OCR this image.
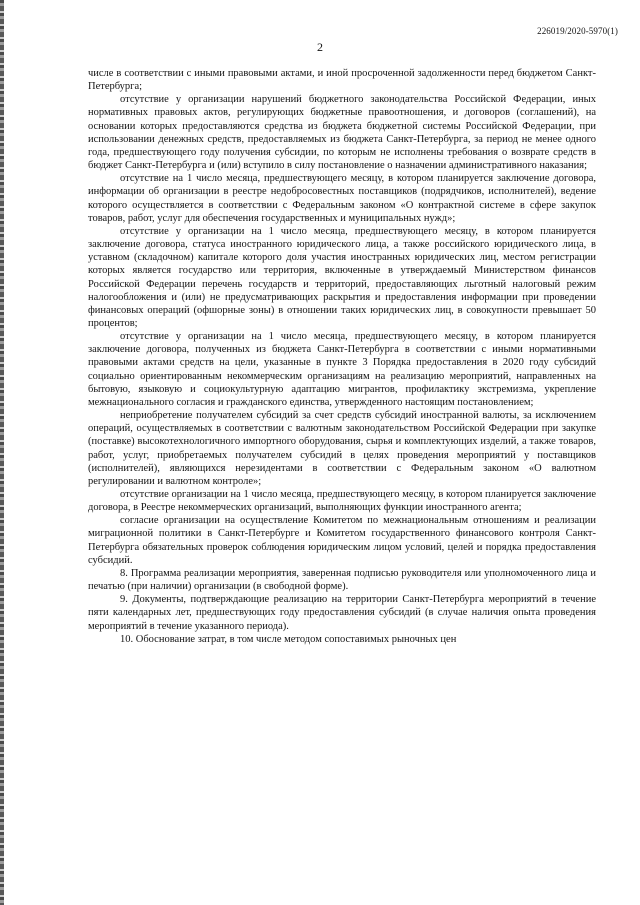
226019/2020-5970(1)
2

числе в соответствии с иными правовыми актами, и иной просроченной задолженности перед бюджетом Санкт-Петербурга;

отсутствие у организации нарушений бюджетного законодательства Российской Федерации, иных нормативных правовых актов, регулирующих бюджетные правоотношения, и договоров (соглашений), на основании которых предоставляются средства из бюджета бюджетной системы Российской Федерации, при использовании денежных средств, предоставляемых из бюджета Санкт-Петербурга, за период не менее одного года, предшествующего году получения субсидии, по которым не исполнены требования о возврате средств в бюджет Санкт-Петербурга и (или) вступило в силу постановление о назначении административного наказания;

отсутствие на 1 число месяца, предшествующего месяцу, в котором планируется заключение договора, информации об организации в реестре недобросовестных поставщиков (подрядчиков, исполнителей), ведение которого осуществляется в соответствии с Федеральным законом «О контрактной системе в сфере закупок товаров, работ, услуг для обеспечения государственных и муниципальных нужд»;

отсутствие у организации на 1 число месяца, предшествующего месяцу, в котором планируется заключение договора, статуса иностранного юридического лица, а также российского юридического лица, в уставном (складочном) капитале которого доля участия иностранных юридических лиц, местом регистрации которых является государство или территория, включенные в утверждаемый Министерством финансов Российской Федерации перечень государств и территорий, предоставляющих льготный налоговый режим налогообложения и (или) не предусматривающих раскрытия и предоставления информации при проведении финансовых операций (офшорные зоны) в отношении таких юридических лиц, в совокупности превышает 50 процентов;

отсутствие у организации на 1 число месяца, предшествующего месяцу, в котором планируется заключение договора, полученных из бюджета Санкт-Петербурга в соответствии с иными нормативными правовыми актами средств на цели, указанные в пункте 3 Порядка предоставления в 2020 году субсидий социально ориентированным некоммерческим организациям на реализацию мероприятий, направленных на бытовую, языковую и социокультурную адаптацию мигрантов, профилактику экстремизма, укрепление межнационального согласия и гражданского единства, утвержденного настоящим постановлением;

неприобретение получателем субсидий за счет средств субсидий иностранной валюты, за исключением операций, осуществляемых в соответствии с валютным законодательством Российской Федерации при закупке (поставке) высокотехнологичного импортного оборудования, сырья и комплектующих изделий, а также товаров, работ, услуг, приобретаемых получателем субсидий в целях проведения мероприятий у поставщиков (исполнителей), являющихся нерезидентами в соответствии с Федеральным законом «О валютном регулировании и валютном контроле»;

отсутствие организации на 1 число месяца, предшествующего месяцу, в котором планируется заключение договора, в Реестре некоммерческих организаций, выполняющих функции иностранного агента;

согласие организации на осуществление Комитетом по межнациональным отношениям и реализации миграционной политики в Санкт-Петербурге и Комитетом государственного финансового контроля Санкт-Петербурга обязательных проверок соблюдения юридическим лицом условий, целей и порядка предоставления субсидий.

8. Программа реализации мероприятия, заверенная подписью руководителя или уполномоченного лица и печатью (при наличии) организации (в свободной форме).

9. Документы, подтверждающие реализацию на территории Санкт-Петербурга мероприятий в течение пяти календарных лет, предшествующих году предоставления субсидий (в случае наличия опыта проведения мероприятий в течение указанного периода).

10. Обоснование затрат, в том числе методом сопоставимых рыночных цен
